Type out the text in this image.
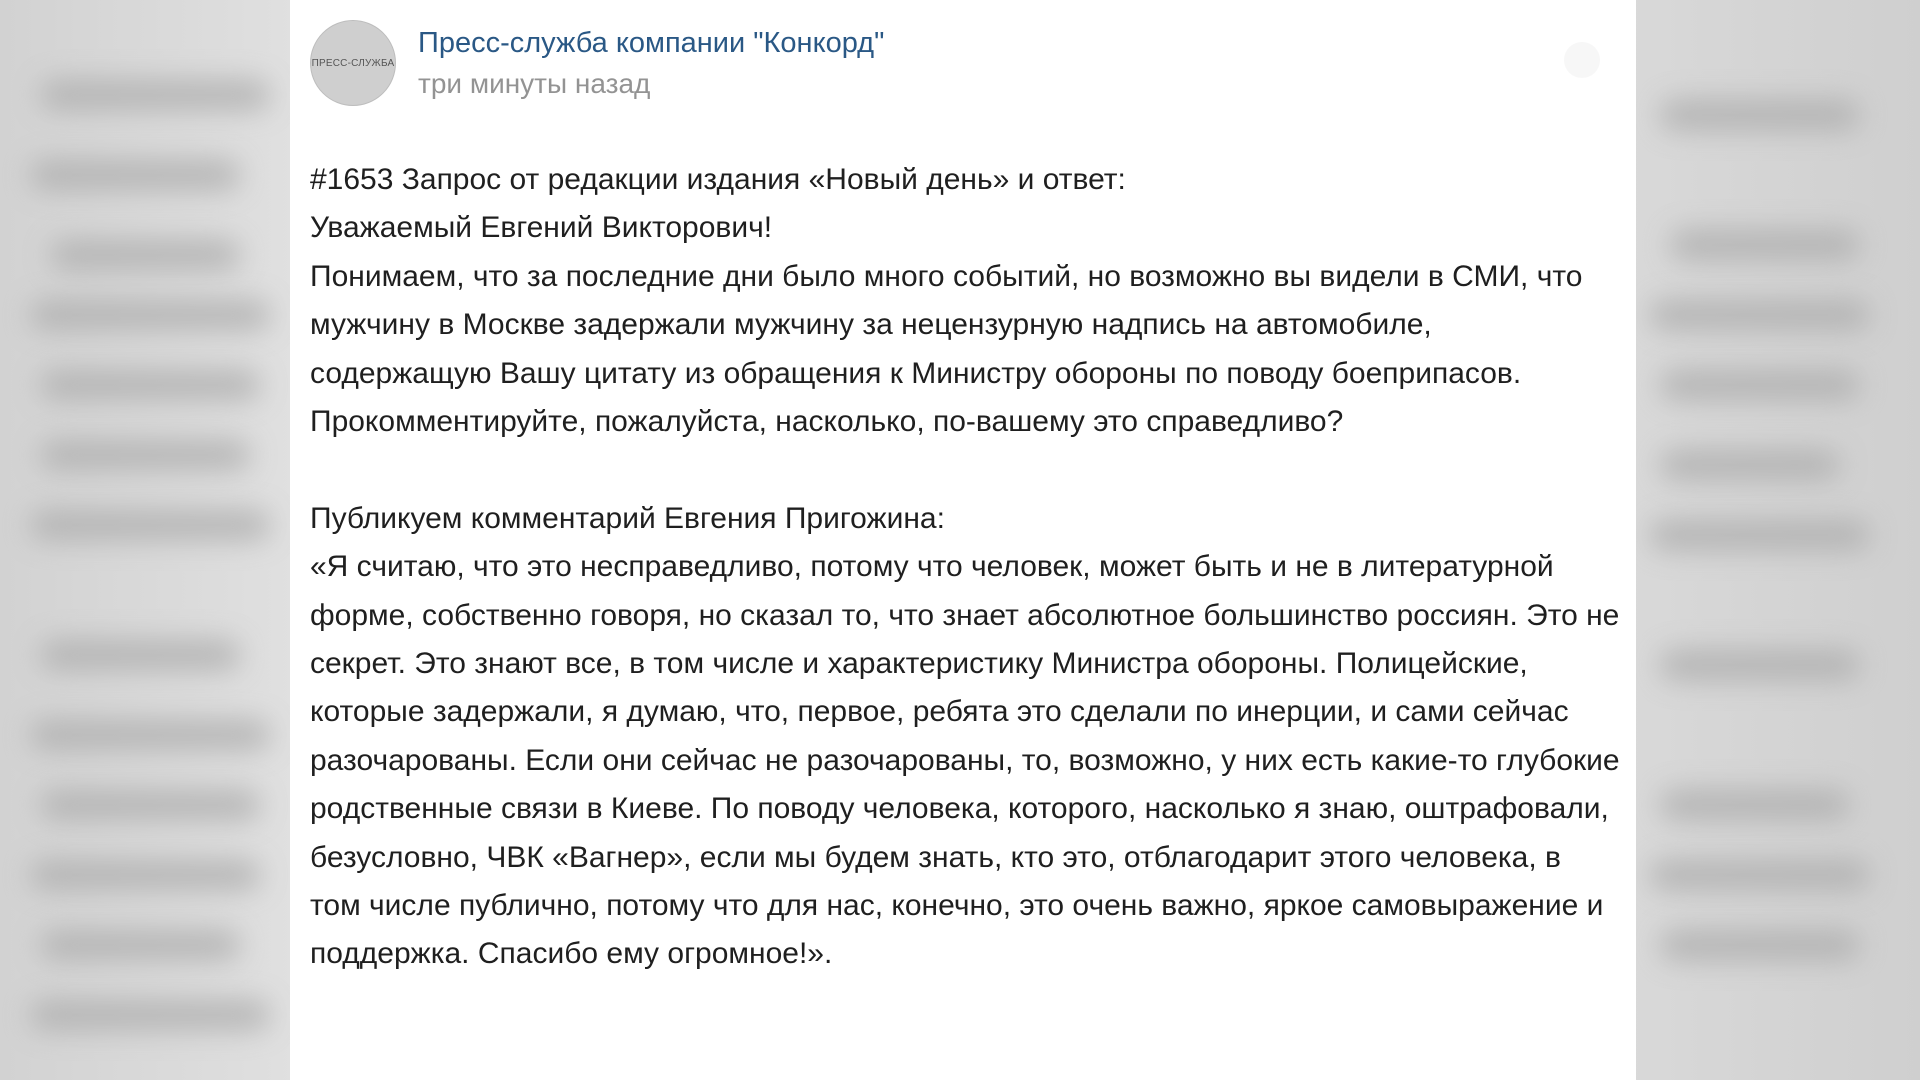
ПРЕСС-СЛУЖБА
Пресс-служба компании "Конкорд"
три минуты назад

#1653 Запрос от редакции издания «Новый день» и ответ:

Уважаемый Евгений Викторович!

Понимаем, что за последние дни было много событий, но возможно вы видели в СМИ, что мужчину в Москве задержали мужчину за нецензурную надпись на автомобиле, содержащую Вашу цитату из обращения к Министру обороны по поводу боеприпасов.

Прокомментируйте, пожалуйста, насколько, по-вашему это справедливо?

Публикуем комментарий Евгения Пригожина:

«Я считаю, что это несправедливо, потому что человек, может быть и не в литературной форме, собственно говоря, но сказал то, что знает абсолютное большинство россиян. Это не секрет. Это знают все, в том числе и характеристику Министра обороны. Полицейские, которые задержали, я думаю, что, первое, ребята это сделали по инерции, и сами сейчас разочарованы. Если они сейчас не разочарованы, то, возможно, у них есть какие-то глубокие родственные связи в Киеве. По поводу человека, которого, насколько я знаю, оштрафовали, безусловно, ЧВК «Вагнер», если мы будем знать, кто это, отблагодарит этого человека, в том числе публично, потому что для нас, конечно, это очень важно, яркое самовыражение и поддержка. Спасибо ему огромное!».
